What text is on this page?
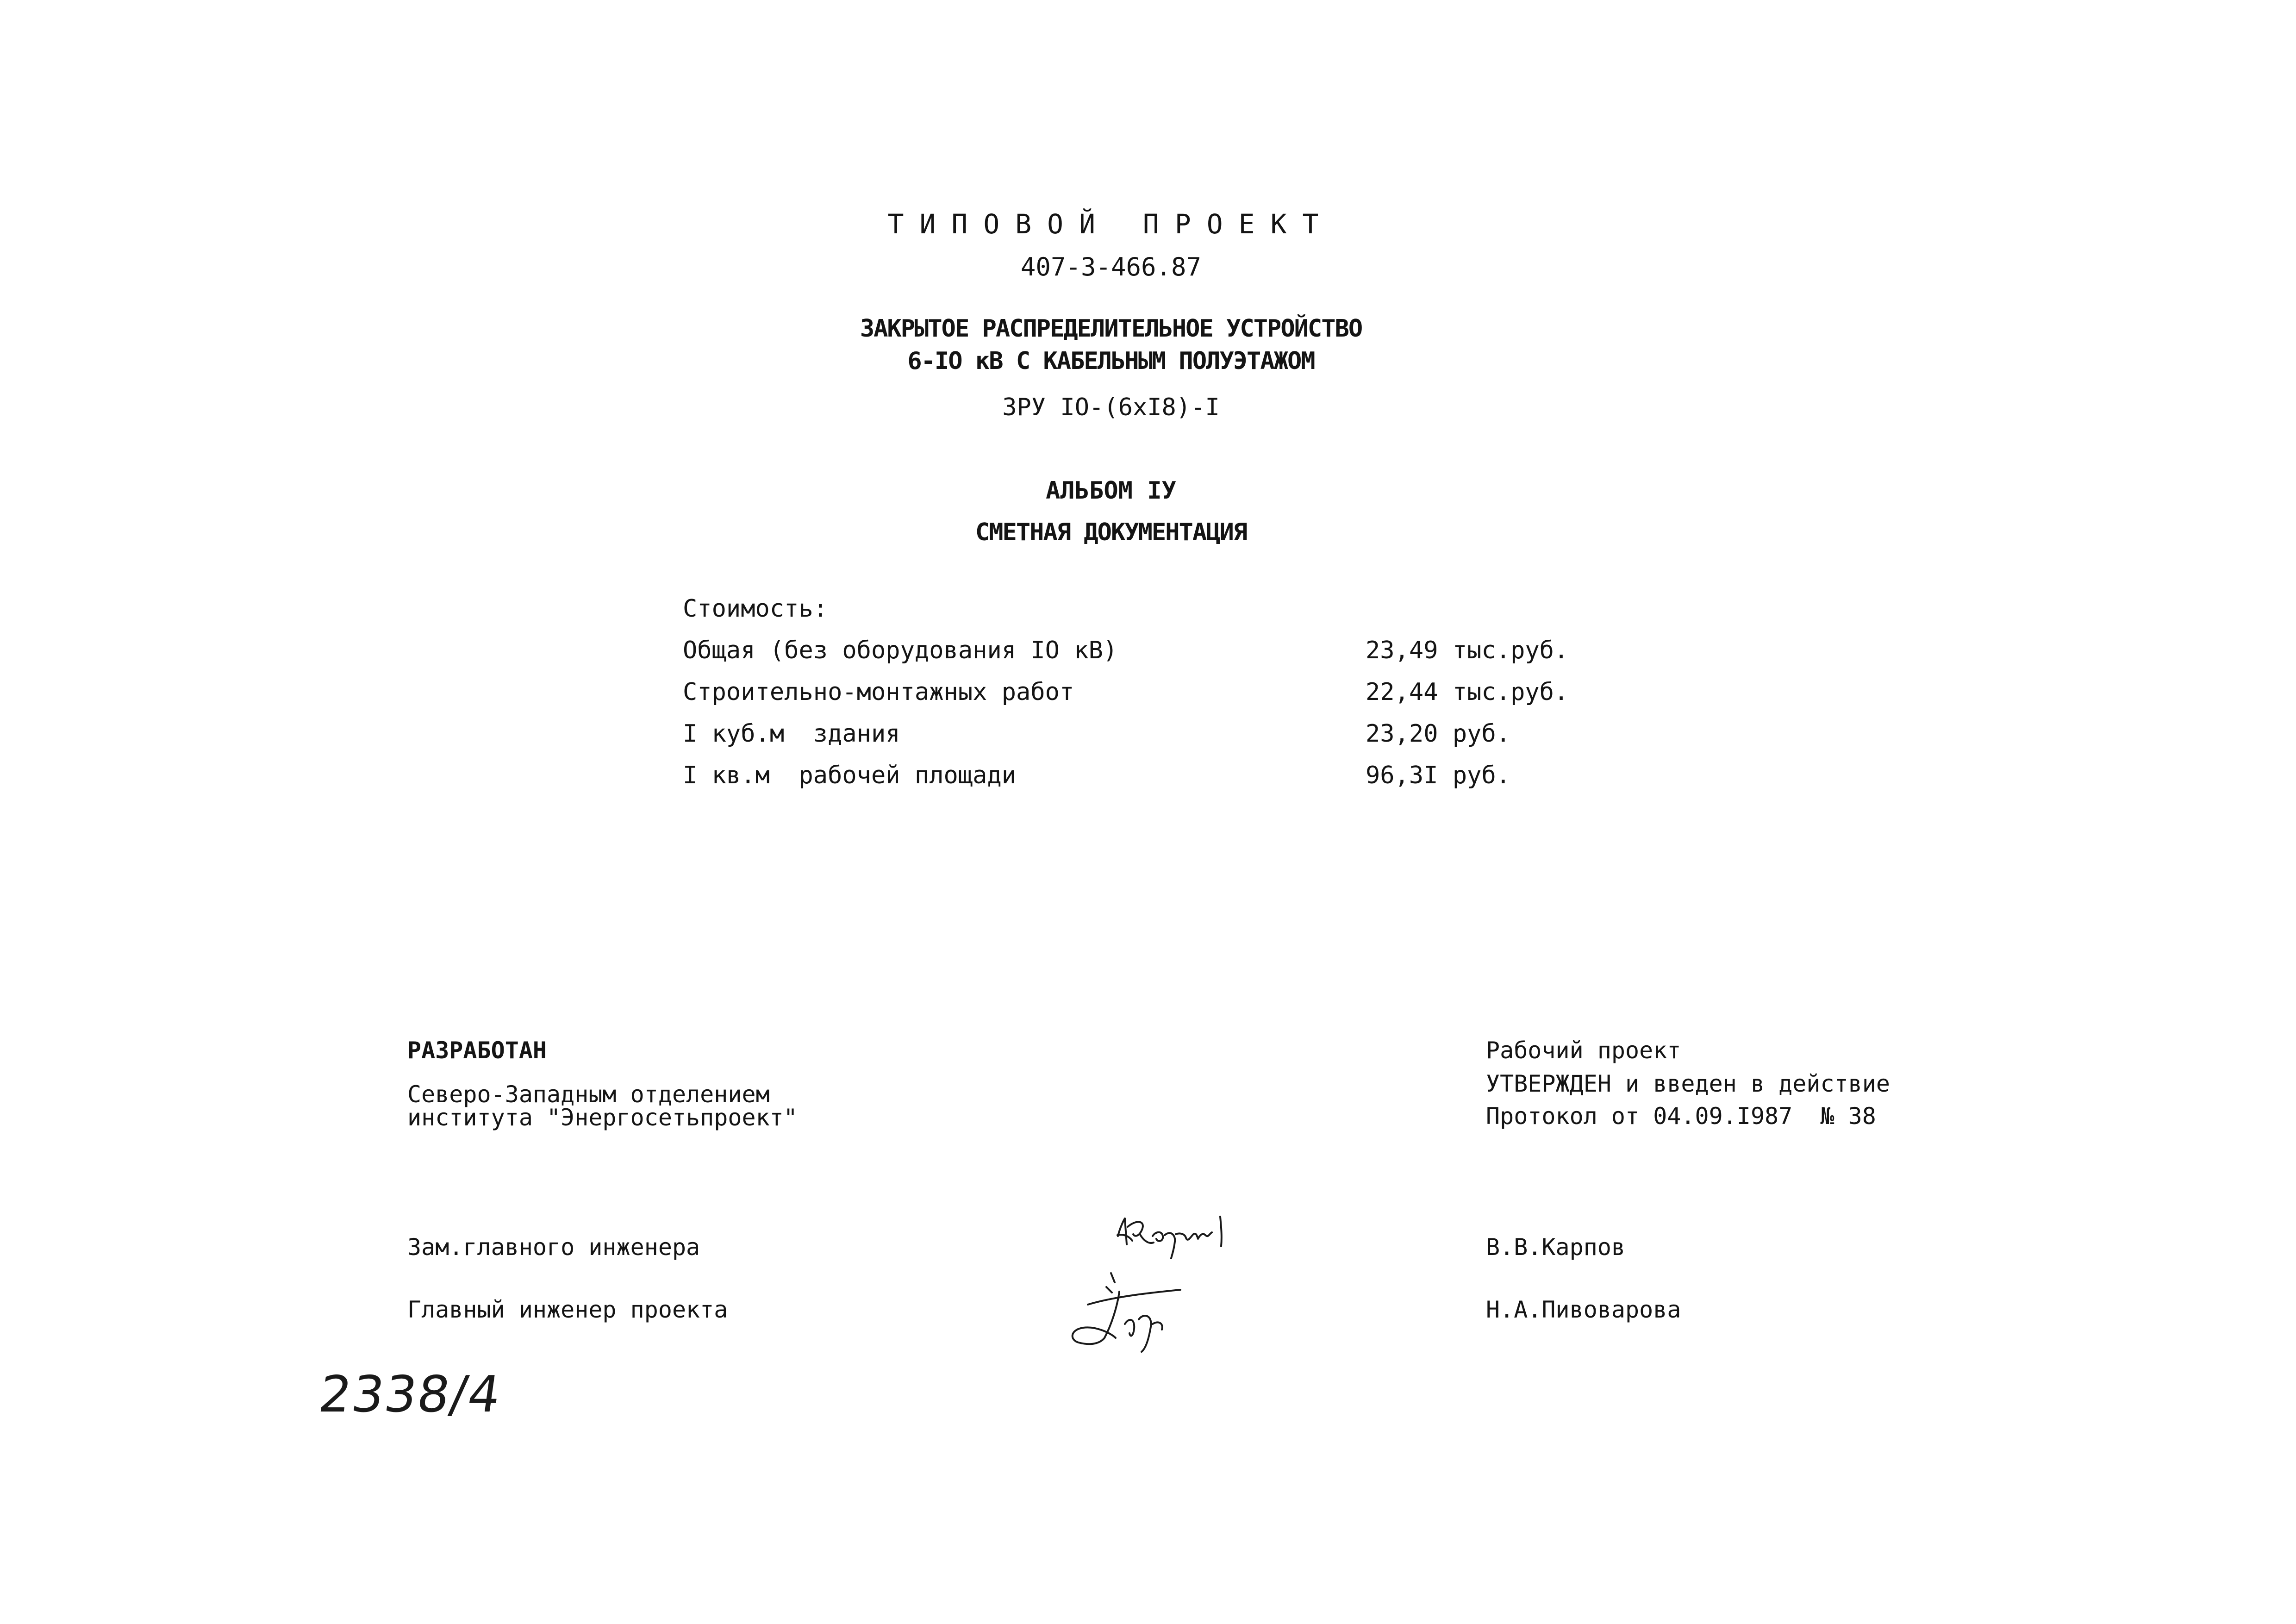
ТИПОВОЙ ПРОЕКТ
407-3-466.87
ЗАКРЫТОЕ РАСПРЕДЕЛИТЕЛЬНОЕ УСТРОЙСТВО
6-IO кВ С КАБЕЛЬНЫМ ПОЛУЭТАЖОМ
ЗРУ IO-(6хI8)-I
АЛЬБОМ IУ
СМЕТНАЯ ДОКУМЕНТАЦИЯ
Стоимость:
Общая (без оборудования IO кВ)	23,49 тыс.руб.
Строительно-монтажных работ	22,44 тыс.руб.
I куб.м  здания	23,20 руб.
I кв.м  рабочей площади	96,3I руб.
РАЗРАБОТАН
Северо-Западным отделением
института "Энергосетьпроект"
Рабочий проект
УТВЕРЖДЕН и введен в действие
Протокол от 04.09.I987  № 38
Зам.главного инженера	В.В.Карпов
Главный инженер проекта	Н.А.Пивоварова
2338/4
